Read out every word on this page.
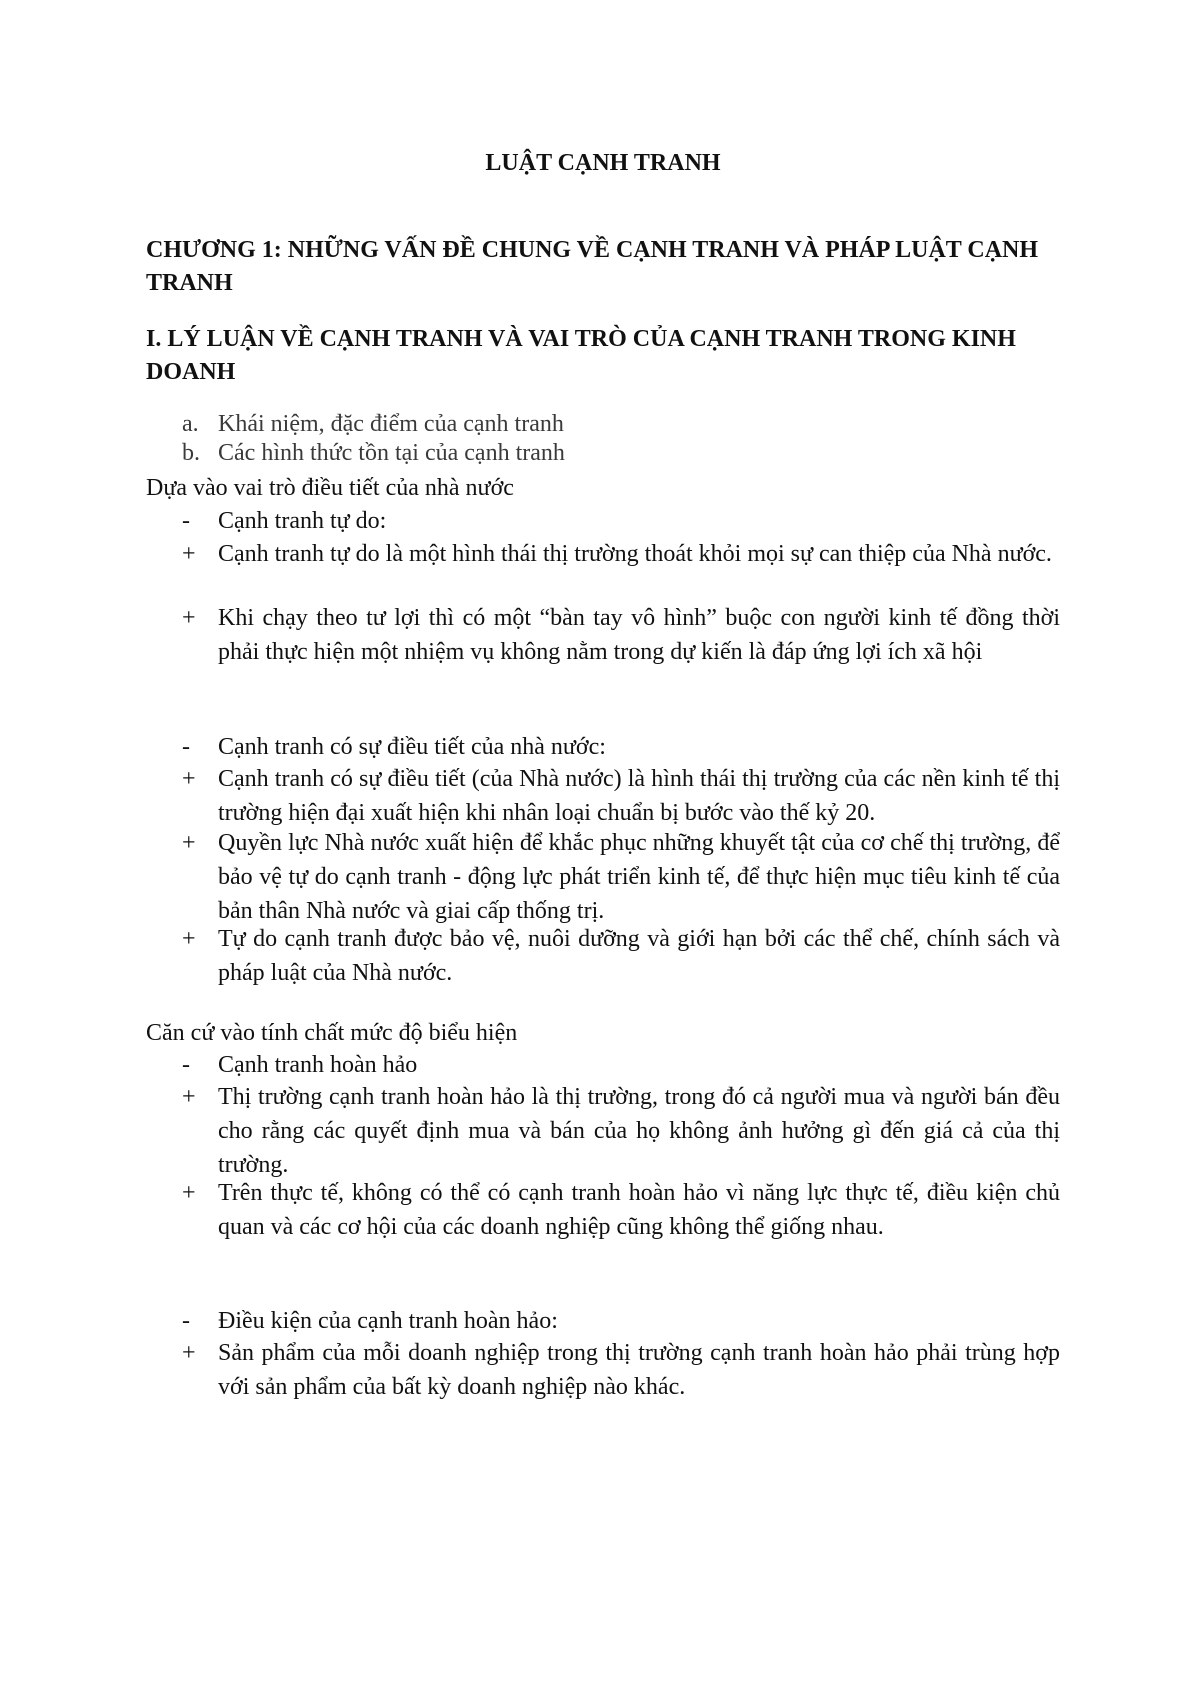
LUẬT CẠNH TRANH
CHƯƠNG 1: NHỮNG VẤN ĐỀ CHUNG VỀ CẠNH TRANH VÀ PHÁP LUẬT CẠNH TRANH
I. LÝ LUẬN VỀ CẠNH TRANH VÀ VAI TRÒ CỦA CẠNH TRANH TRONG KINH DOANH
a. Khái niệm, đặc điểm của cạnh tranh
b. Các hình thức tồn tại của cạnh tranh
Dựa vào vai trò điều tiết của nhà nước
-	Cạnh tranh tự do:
+ Cạnh tranh tự do là một hình thái thị trường thoát khỏi mọi sự can thiệp của Nhà nước.
+ Khi chạy theo tư lợi thì có một “bàn tay vô hình” buộc con người kinh tế đồng thời phải thực hiện một nhiệm vụ không nằm trong dự kiến là đáp ứng lợi ích xã hội
-	Cạnh tranh có sự điều tiết của nhà nước:
+ Cạnh tranh có sự điều tiết (của Nhà nước) là hình thái thị trường của các nền kinh tế thị trường hiện đại xuất hiện khi nhân loại chuẩn bị bước vào thế kỷ 20.
+ Quyền lực Nhà nước xuất hiện để khắc phục những khuyết tật của cơ chế thị trường, để bảo vệ tự do cạnh tranh - động lực phát triển kinh tế, để thực hiện mục tiêu kinh tế của bản thân Nhà nước và giai cấp thống trị.
+ Tự do cạnh tranh được bảo vệ, nuôi dưỡng và giới hạn bởi các thể chế, chính sách và pháp luật của Nhà nước.
Căn cứ vào tính chất mức độ biểu hiện
-	Cạnh tranh hoàn hảo
+ Thị trường cạnh tranh hoàn hảo là thị trường, trong đó cả người mua và người bán đều cho rằng các quyết định mua và bán của họ không ảnh hưởng gì đến giá cả của thị trường.
+ Trên thực tế, không có thể có cạnh tranh hoàn hảo vì năng lực thực tế, điều kiện chủ quan và các cơ hội của các doanh nghiệp cũng không thể giống nhau.
-	Điều kiện của cạnh tranh hoàn hảo:
+ Sản phẩm của mỗi doanh nghiệp trong thị trường cạnh tranh hoàn hảo phải trùng hợp với sản phẩm của bất kỳ doanh nghiệp nào khác.
